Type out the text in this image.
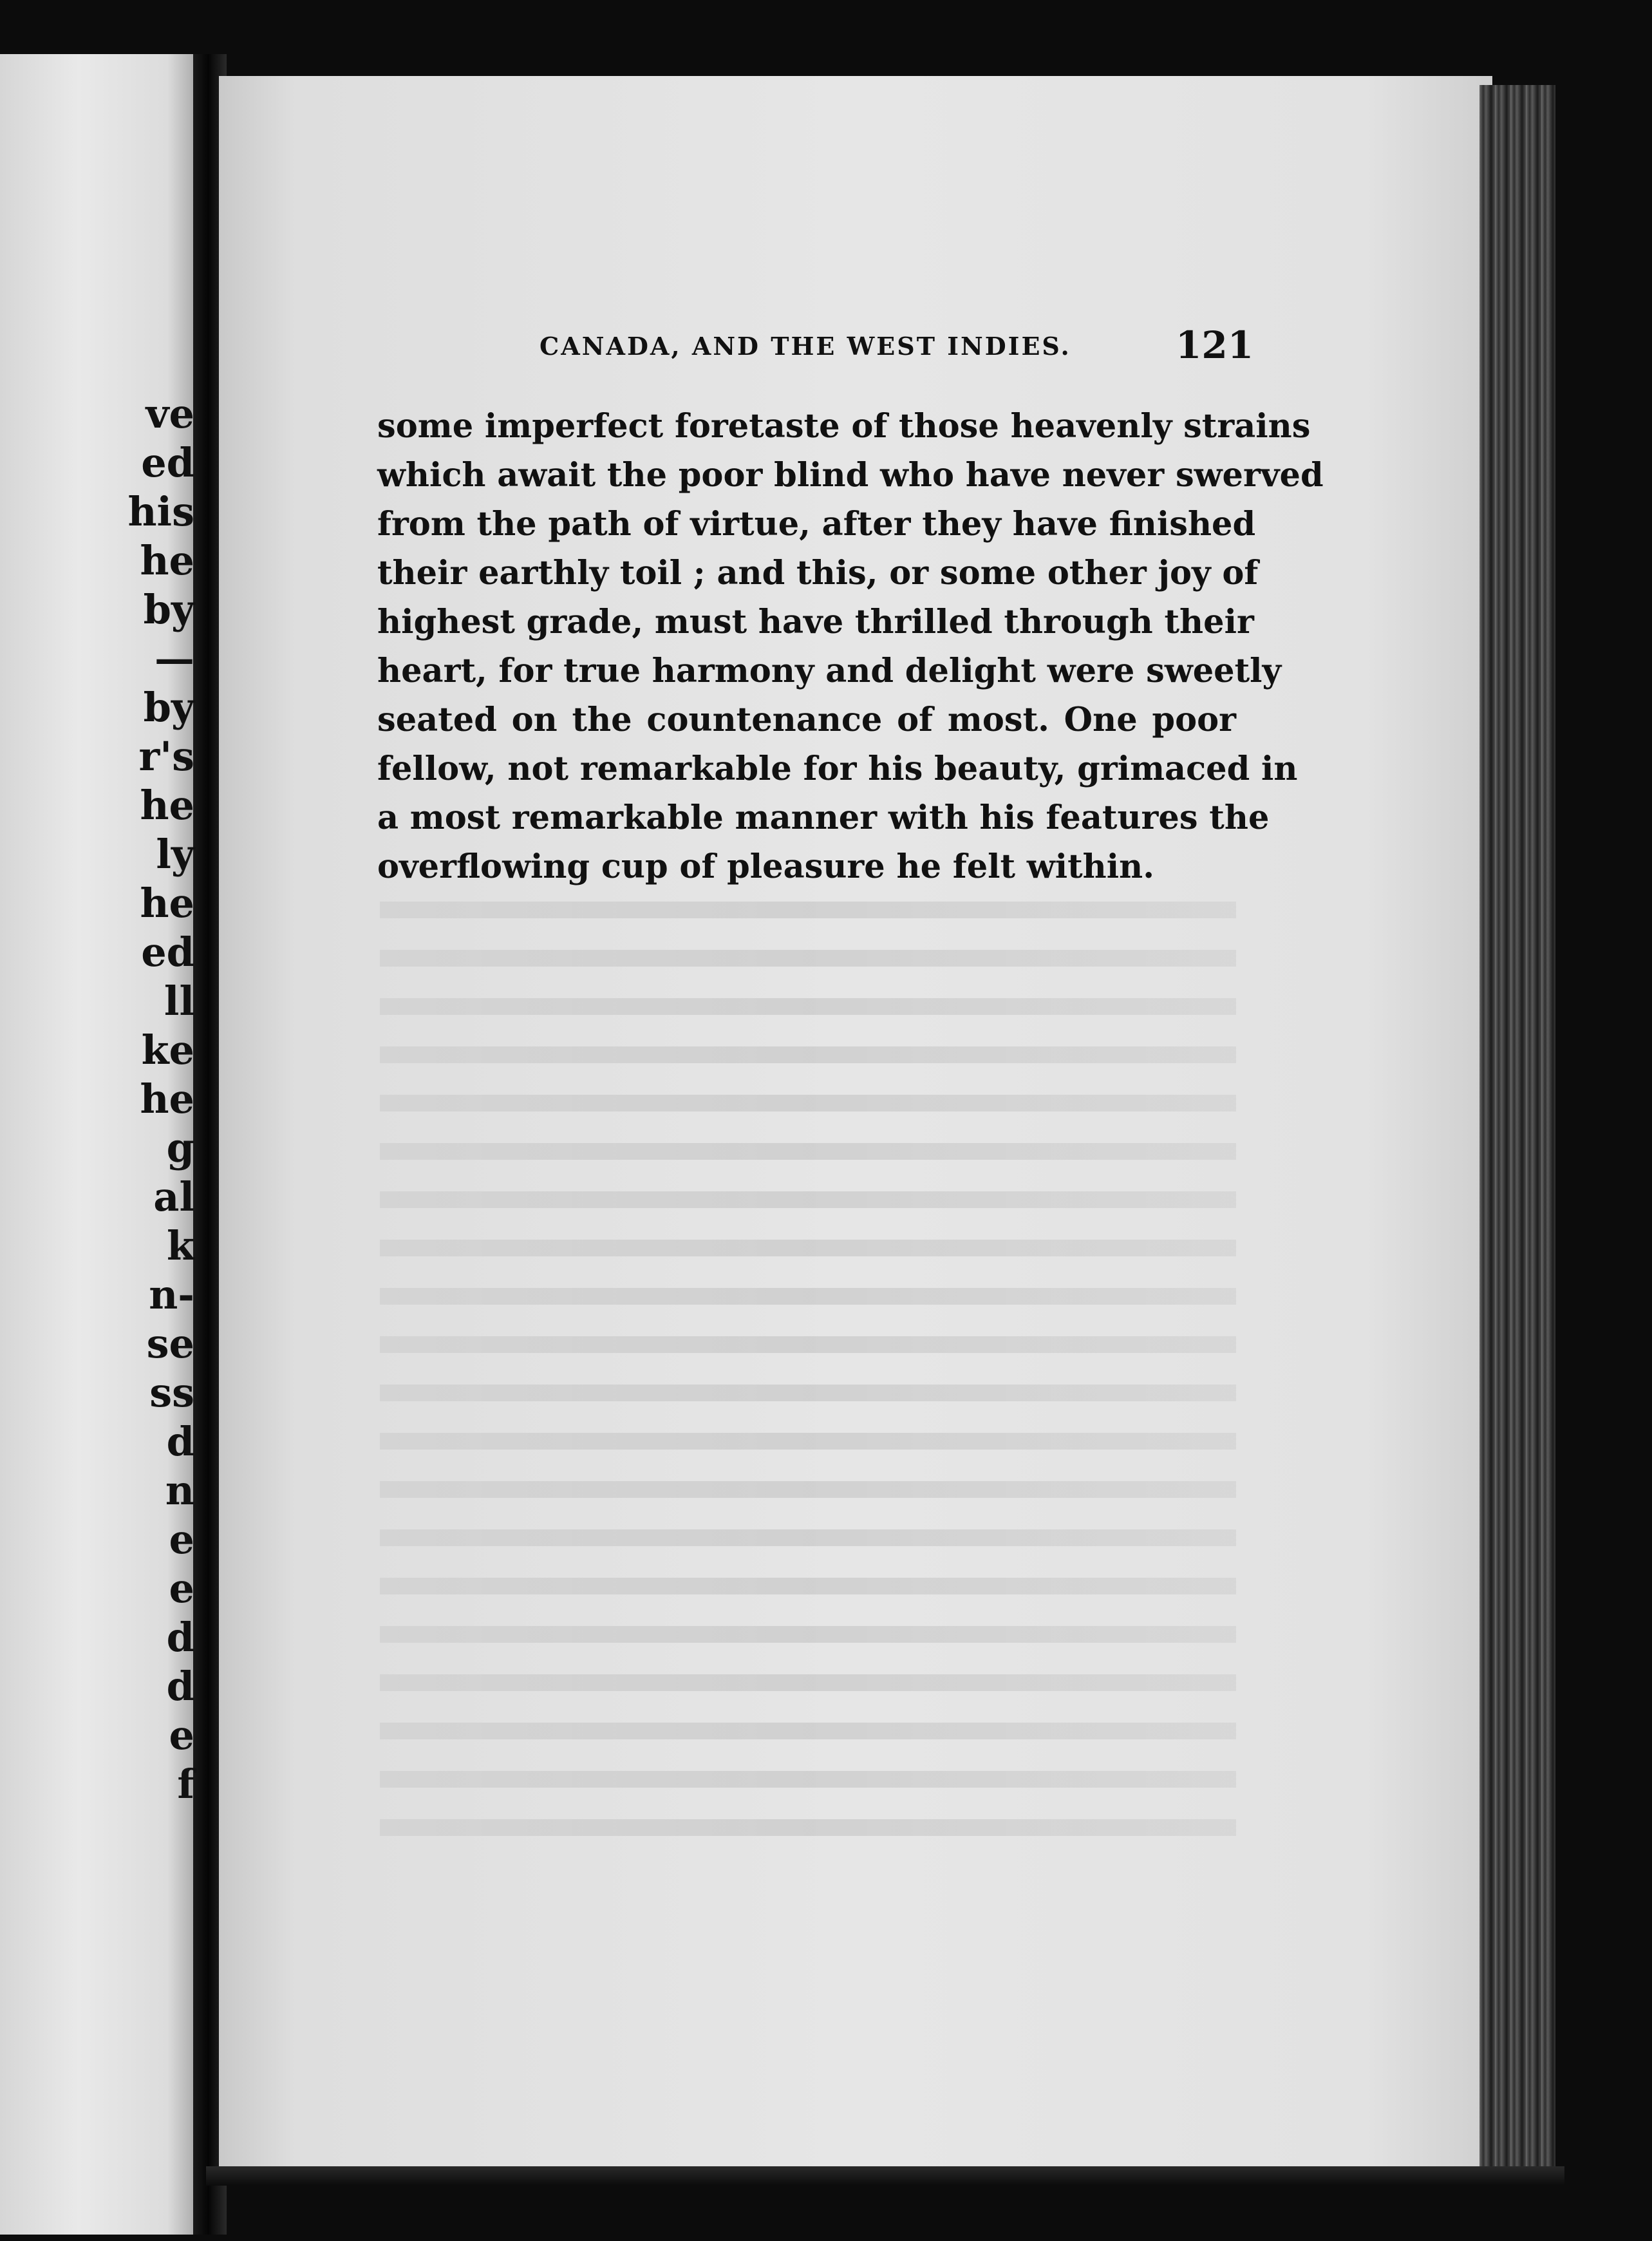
ve
ed
his
he
by
—
by
r's
he
ly
he
ed
ll
ke
he
g
al
k
n-
se
ss
d
n
e
e
d
d
e
f
CANADA, AND THE WEST INDIES.	121
some imperfect foretaste of those heavenly strains
which await the poor blind who have never swerved
from the path of virtue, after they have finished
their earthly toil ; and this, or some other joy of
highest grade, must have thrilled through their
heart, for true harmony and delight were sweetly
seated on the countenance of most. One poor
fellow, not remarkable for his beauty, grimaced in
a most remarkable manner with his features the
overflowing cup of pleasure he felt within.
